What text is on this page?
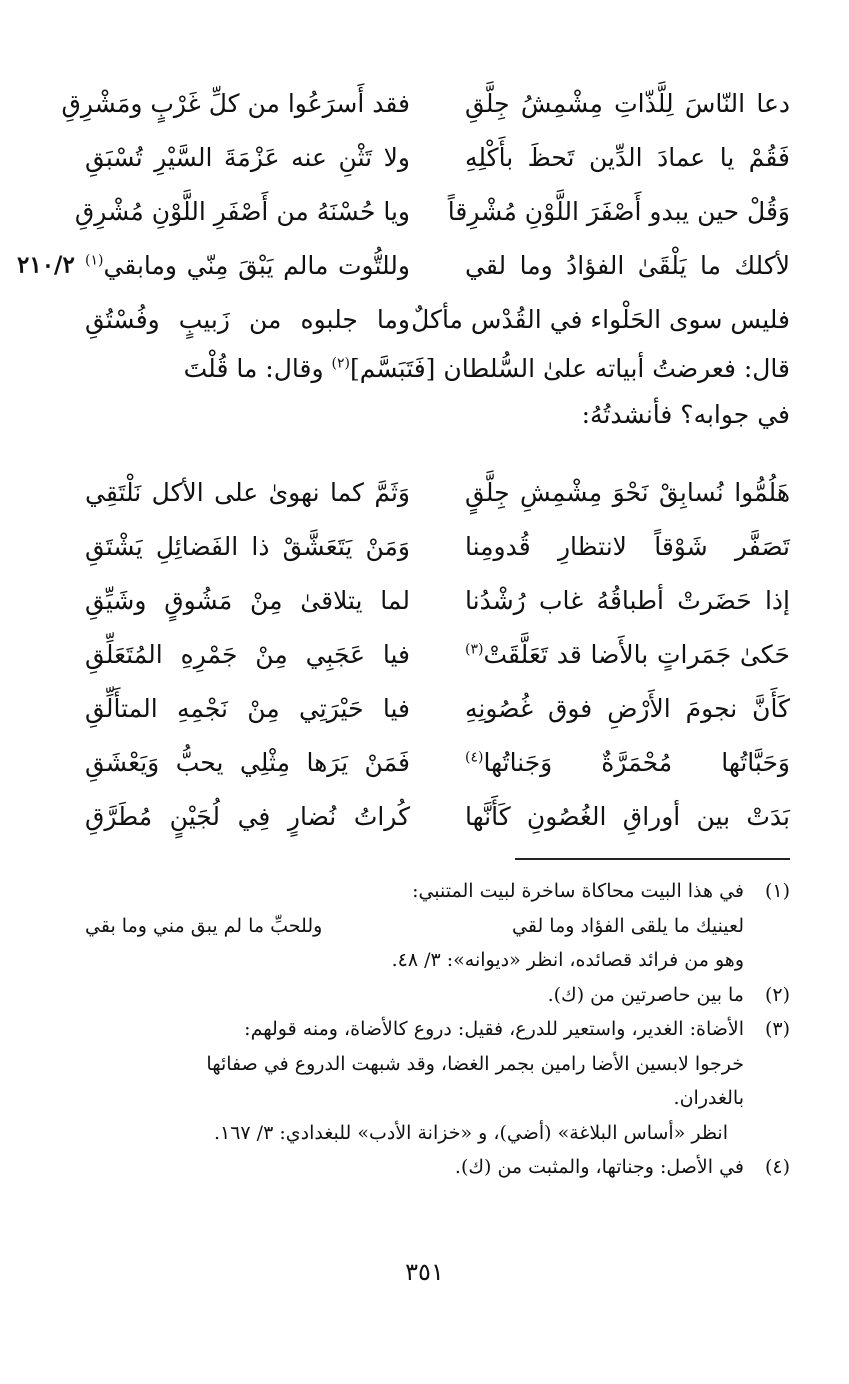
دعا النّاسَ لِلَّذّاتِ مِشْمِشُ جِلَّقِ
فقد أَسرَعُوا من كلِّ غَرْبٍ ومَشْرِقِ
فَقُمْ يا عمادَ الدِّين تَحظَ بأَكْلِهِ
ولا تَثْنِ عنه عَزْمَةَ السَّيْرِ تُسْبَقِ
وَقُلْ حين يبدو أَصْفَرَ اللَّوْنِ مُشْرِقاً
ويا حُسْنَهُ من أَصْفَرِ اللَّوْنِ مُشْرِقِ
لأكلك ما يَلْقَىٰ الفؤادُ وما لقي
وللتُّوت مالم يَبْقَ مِنّي ومابقي$^{(١)}$
٢١٠/٢
فليس سوى الحَلْواء في القُدْس مأكلٌ
وما جلبوه من زَبيبٍ وفُسْتُقِ
قال: فعرضتُ أبياته علىٰ السُّلطان [فَتَبَسَّم]$^{(٢)}$ وقال: ما قُلْتَ
في جوابه؟ فأنشدتُهُ:
هَلُمُّوا نُسابِقْ نَحْوَ مِشْمِشِ جِلَّقٍ
وَثَمَّ كما نهوىٰ على الأكل نَلْتَقِي
تَصَفَّر شَوْقاً لانتظارِ قُدومِنا
وَمَنْ يَتَعَشَّقْ ذا الفَضائِلِ يَشْتَقِ
إذا حَضَرتْ أطباقُهُ غاب رُشْدُنا
لما يتلاقىٰ مِنْ مَشُوقٍ وشَيِّقِ
حَكىٰ جَمَراتٍ بالأَضا قد تَعَلَّقَتْ$^{(٣)}$
فيا عَجَبِي مِنْ جَمْرِهِ المُتَعَلِّقِ
كَأَنَّ نجومَ الأَرْضِ فوق غُصُونِهِ
فيا حَيْرَتِي مِنْ نَجْمِهِ المتأَلِّقِ
وَحَبَّاتُها مُحْمَرَّةٌ وَجَناتُها$^{(٤)}$
فَمَنْ يَرَها مِثْلِي يحبُّ وَيَعْشَقِ
بَدَتْ بين أوراقِ الغُصُونِ كَأَنَّها
كُراتُ نُضارٍ فِي لُجَيْنٍ مُطَرَّقِ
(١)
في هذا البيت محاكاة ساخرة لبيت المتنبي:
لعينيك ما يلقى الفؤاد وما لقي
وللحبِّ ما لم يبق مني وما بقي
وهو من فرائد قصائده، انظر «ديوانه»: ٣/ ٤٨.
(٢)
ما بين حاصرتين من (ك).
(٣)
الأضاة: الغدير، واستعير للدرع، فقيل: دروع كالأضاة، ومنه قولهم:
خرجوا لابسين الأضا رامين بجمر الغضا، وقد شبهت الدروع في صفائها
بالغدران.
انظر «أساس البلاغة» (أضي)، و «خزانة الأدب» للبغدادي: ٣/ ١٦٧.
(٤)
في الأصل: وجناتها، والمثبت من (ك).
٣٥١
